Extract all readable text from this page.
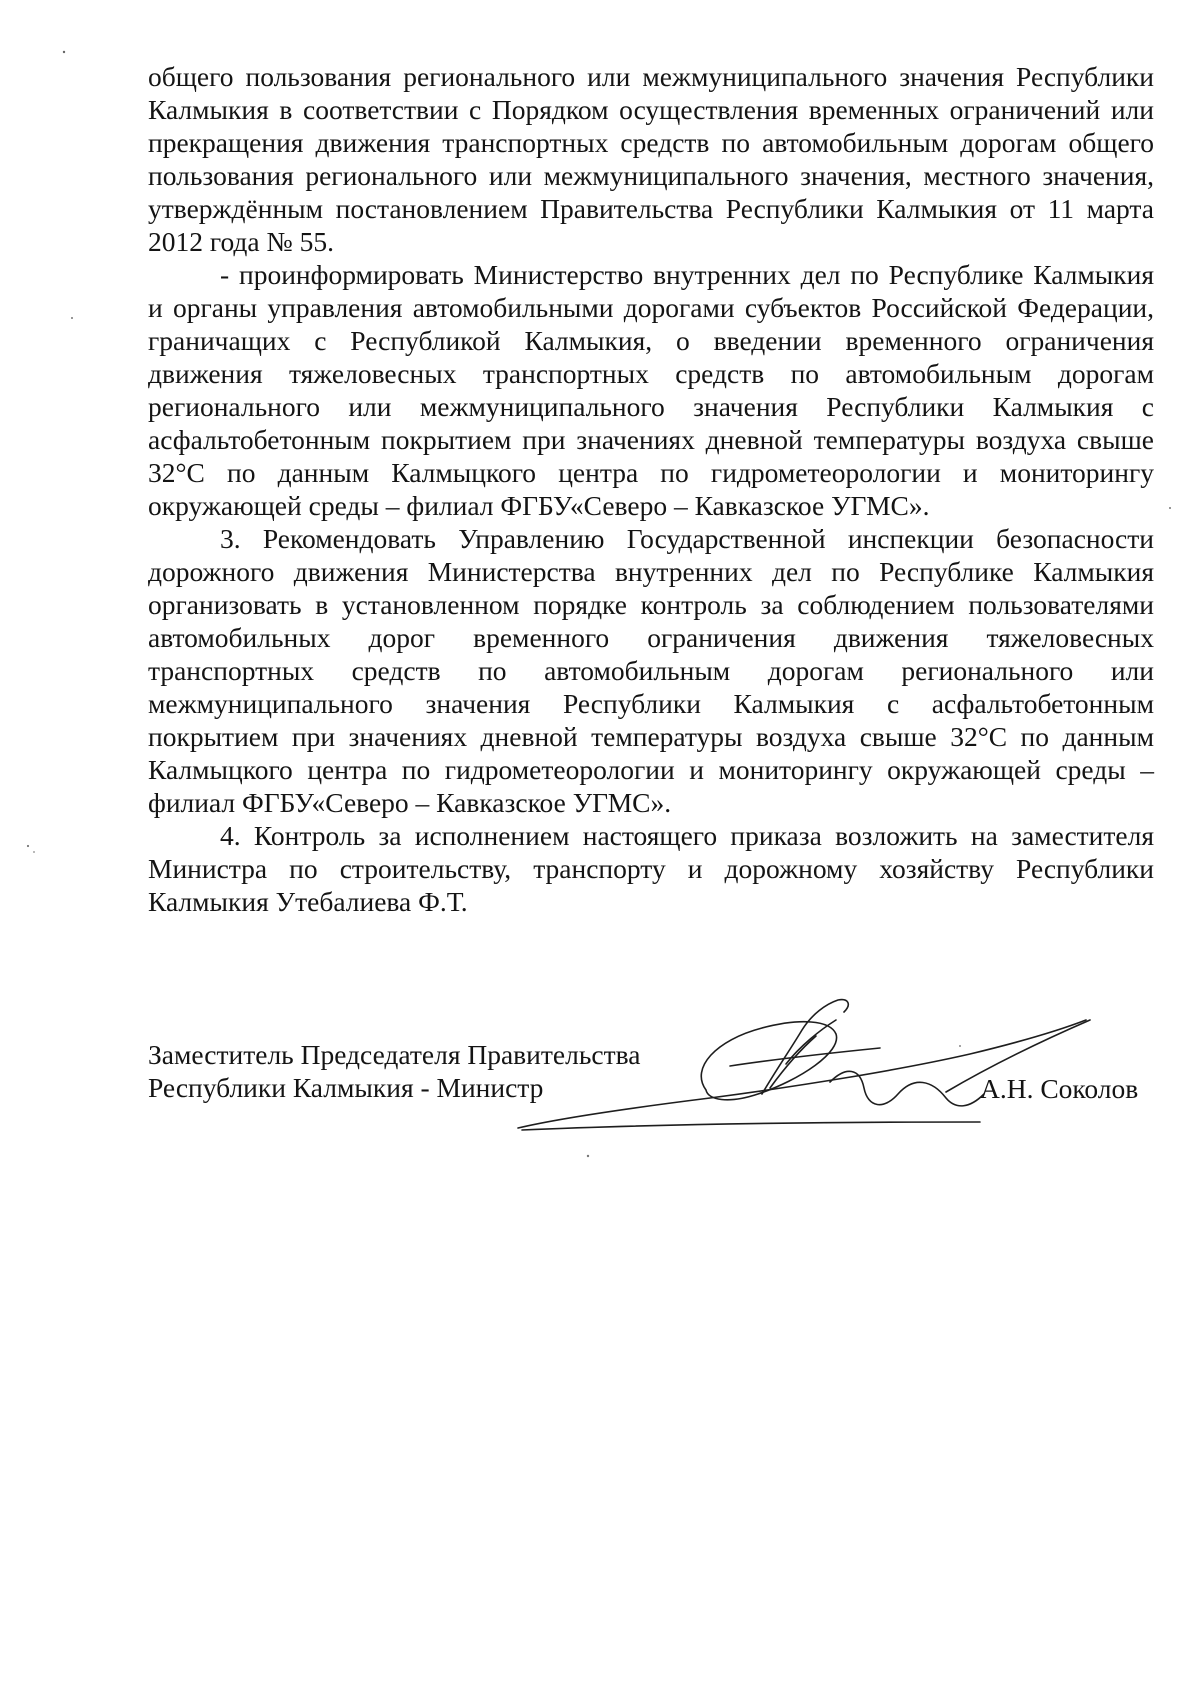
общего пользования регионального или межмуниципального значения Республики Калмыкия в соответствии с Порядком осуществления временных ограничений или прекращения движения транспортных средств по автомобильным дорогам общего пользования регионального или межмуниципального значения, местного значения, утверждённым постановлением Правительства Республики Калмыкия от 11 марта 2012 года № 55.

- проинформировать Министерство внутренних дел по Республике Калмыкия и органы управления автомобильными дорогами субъектов Российской Федерации, граничащих с Республикой Калмыкия, о введении временного ограничения движения тяжеловесных транспортных средств по автомобильным дорогам регионального или межмуниципального значения Республики Калмыкия с асфальтобетонным покрытием при значениях дневной температуры воздуха свыше 32°С по данным Калмыцкого центра по гидрометеорологии и мониторингу окружающей среды – филиал ФГБУ«Северо – Кавказское УГМС».

3. Рекомендовать Управлению Государственной инспекции безопасности дорожного движения Министерства внутренних дел по Республике Калмыкия организовать в установленном порядке контроль за соблюдением пользователями автомобильных дорог временного ограничения движения тяжеловесных транспортных средств по автомобильным дорогам регионального или межмуниципального значения Республики Калмыкия с асфальтобетонным покрытием при значениях дневной температуры воздуха свыше 32°С по данным Калмыцкого центра по гидрометеорологии и мониторингу окружающей среды – филиал ФГБУ«Северо – Кавказское УГМС».

4. Контроль за исполнением настоящего приказа возложить на заместителя Министра по строительству, транспорту и дорожному хозяйству Республики Калмыкия Утебалиева Ф.Т.

Заместитель Председателя Правительства
Республики Калмыкия - Министр	А.Н. Соколов
